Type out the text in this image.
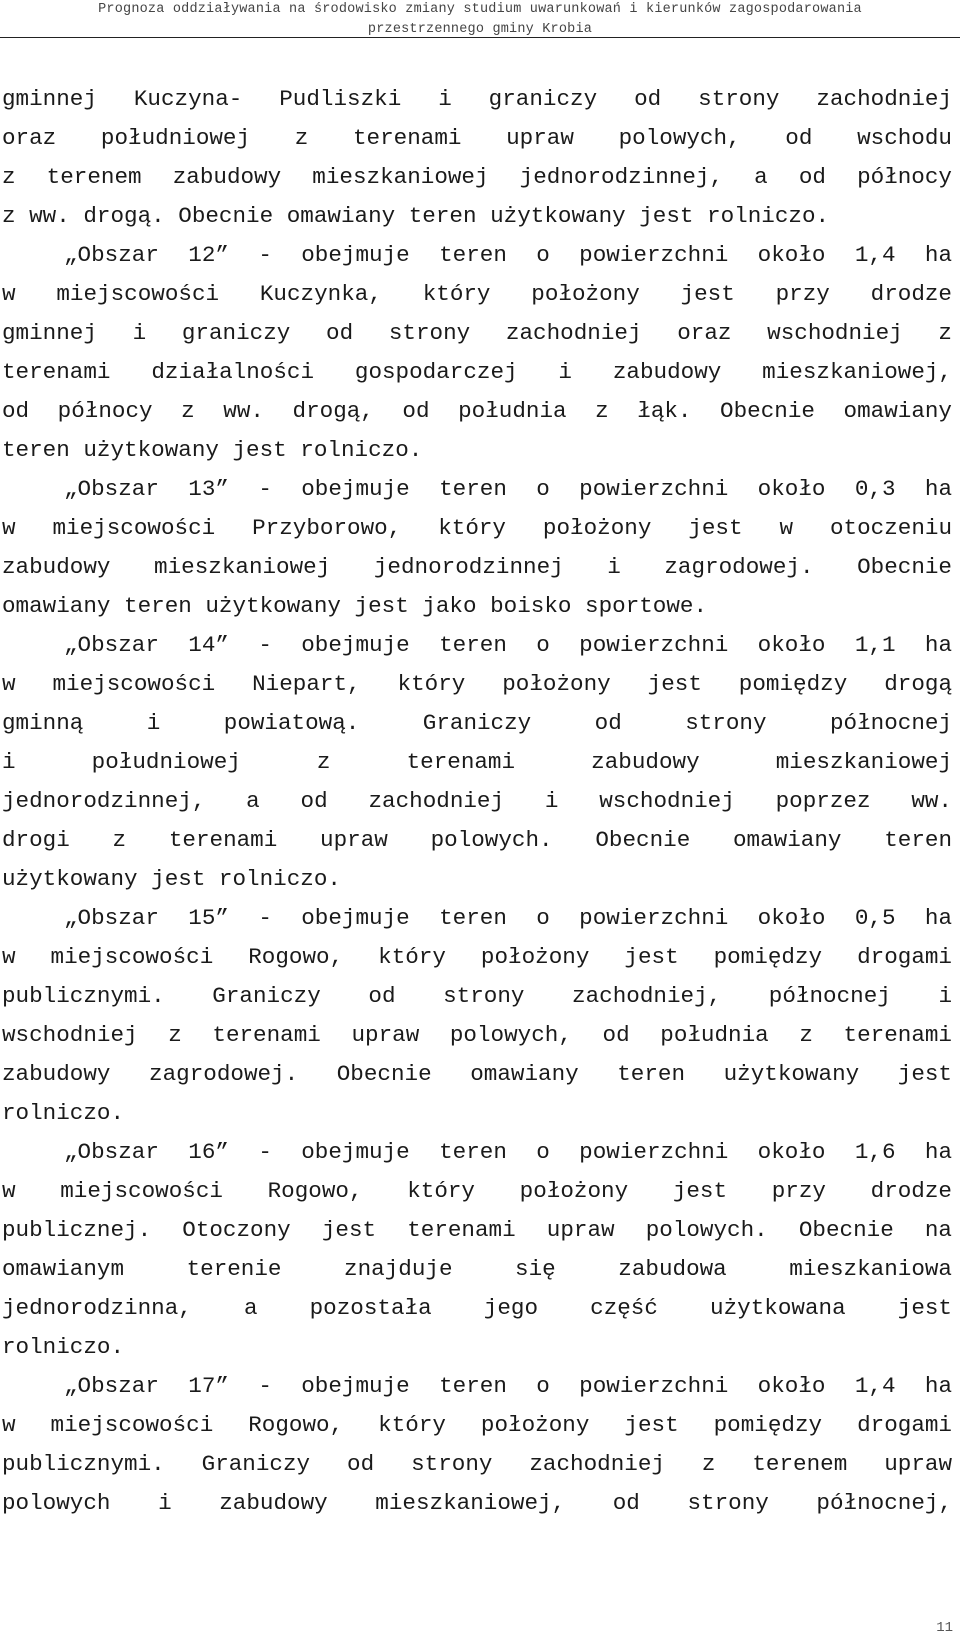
Prognoza oddziaływania na środowisko zmiany studium uwarunkowań i kierunków zagospodarowania
przestrzennego gminy Krobia
gminnej Kuczyna- Pudliszki i graniczy od strony zachodniej
oraz południowej z terenami upraw polowych, od wschodu
z terenem zabudowy mieszkaniowej jednorodzinnej, a od północy
z ww. drogą. Obecnie omawiany teren użytkowany jest rolniczo.
„Obszar 12” - obejmuje teren o powierzchni około 1,4 ha
w miejscowości Kuczynka, który położony jest przy drodze
gminnej i graniczy od strony zachodniej oraz wschodniej z
terenami działalności gospodarczej i zabudowy mieszkaniowej,
od północy z ww. drogą, od południa z łąk. Obecnie omawiany
teren użytkowany jest rolniczo.
„Obszar 13” - obejmuje teren o powierzchni około 0,3 ha
w miejscowości Przyborowo, który położony jest w otoczeniu
zabudowy mieszkaniowej jednorodzinnej i zagrodowej. Obecnie
omawiany teren użytkowany jest jako boisko sportowe.
„Obszar 14” - obejmuje teren o powierzchni około 1,1 ha
w miejscowości Niepart, który położony jest pomiędzy drogą
gminną i powiatową. Graniczy od strony północnej
i południowej z terenami zabudowy mieszkaniowej
jednorodzinnej, a od zachodniej i wschodniej poprzez ww.
drogi z terenami upraw polowych. Obecnie omawiany teren
użytkowany jest rolniczo.
„Obszar 15” - obejmuje teren o powierzchni około 0,5 ha
w miejscowości Rogowo, który położony jest pomiędzy drogami
publicznymi. Graniczy od strony zachodniej, północnej i
wschodniej z terenami upraw polowych, od południa z terenami
zabudowy zagrodowej. Obecnie omawiany teren użytkowany jest
rolniczo.
„Obszar 16” - obejmuje teren o powierzchni około 1,6 ha
w miejscowości Rogowo, który położony jest przy drodze
publicznej. Otoczony jest terenami upraw polowych. Obecnie na
omawianym terenie znajduje się zabudowa mieszkaniowa
jednorodzinna, a pozostała jego część użytkowana jest
rolniczo.
„Obszar 17” - obejmuje teren o powierzchni około 1,4 ha
w miejscowości Rogowo, który położony jest pomiędzy drogami
publicznymi. Graniczy od strony zachodniej z terenem upraw
polowych i zabudowy mieszkaniowej, od strony północnej,
11
